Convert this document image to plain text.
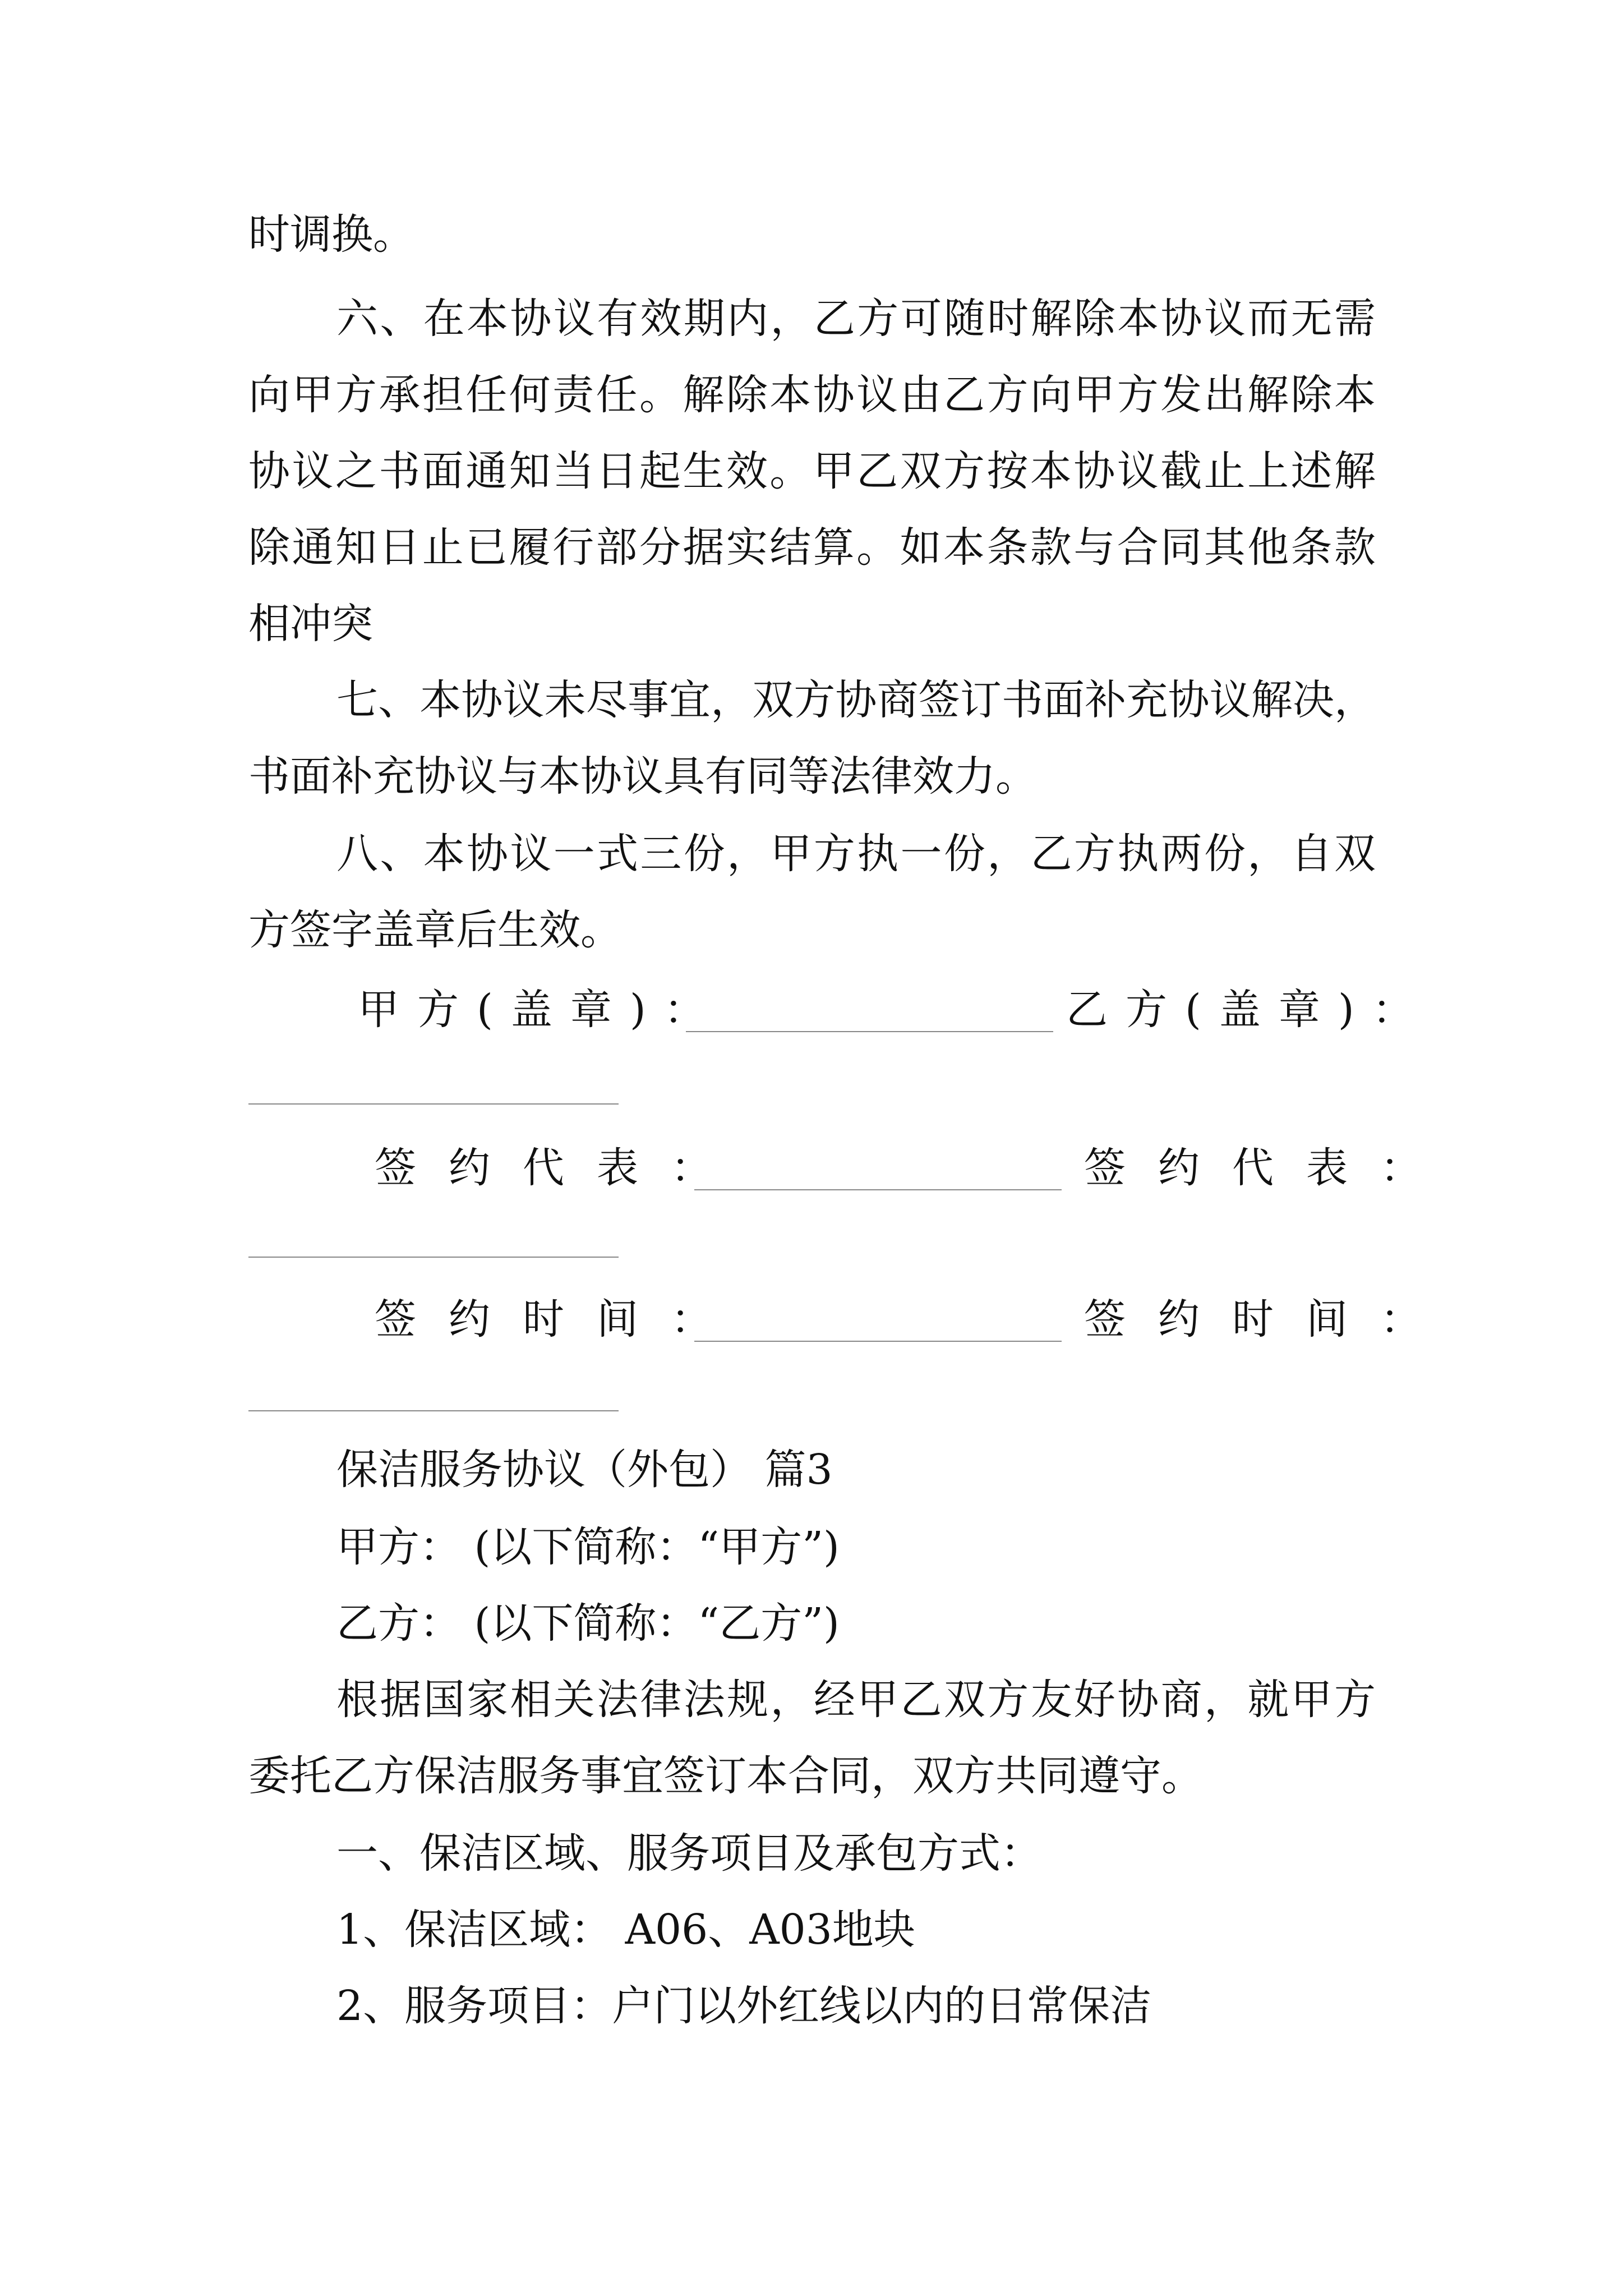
时调换。
六、在本协议有效期内，乙方可随时解除本协议而无需
向甲方承担任何责任。解除本协议由乙方向甲方发出解除本
协议之书面通知当日起生效。甲乙双方按本协议截止上述解
除通知日止已履行部分据实结算。如本条款与合同其他条款
相冲突
七、本协议未尽事宜，双方协商签订书面补充协议解决，
书面补充协议与本协议具有同等法律效力。
八、本协议一式三份，甲方执一份，乙方执两份，自双
方签字盖章后生效。
甲方(盖章)：	乙方(盖章)：
签约代表：	签约代表：
签约时间：	签约时间：
保洁服务协议（外包） 篇3
甲方： (以下简称：“甲方”)
乙方： (以下简称：“乙方”)
根据国家相关法律法规，经甲乙双方友好协商，就甲方
委托乙方保洁服务事宜签订本合同，双方共同遵守。
一、保洁区域、服务项目及承包方式：
1、保洁区域： A06、A03地块
2、服务项目：户门以外红线以内的日常保洁
